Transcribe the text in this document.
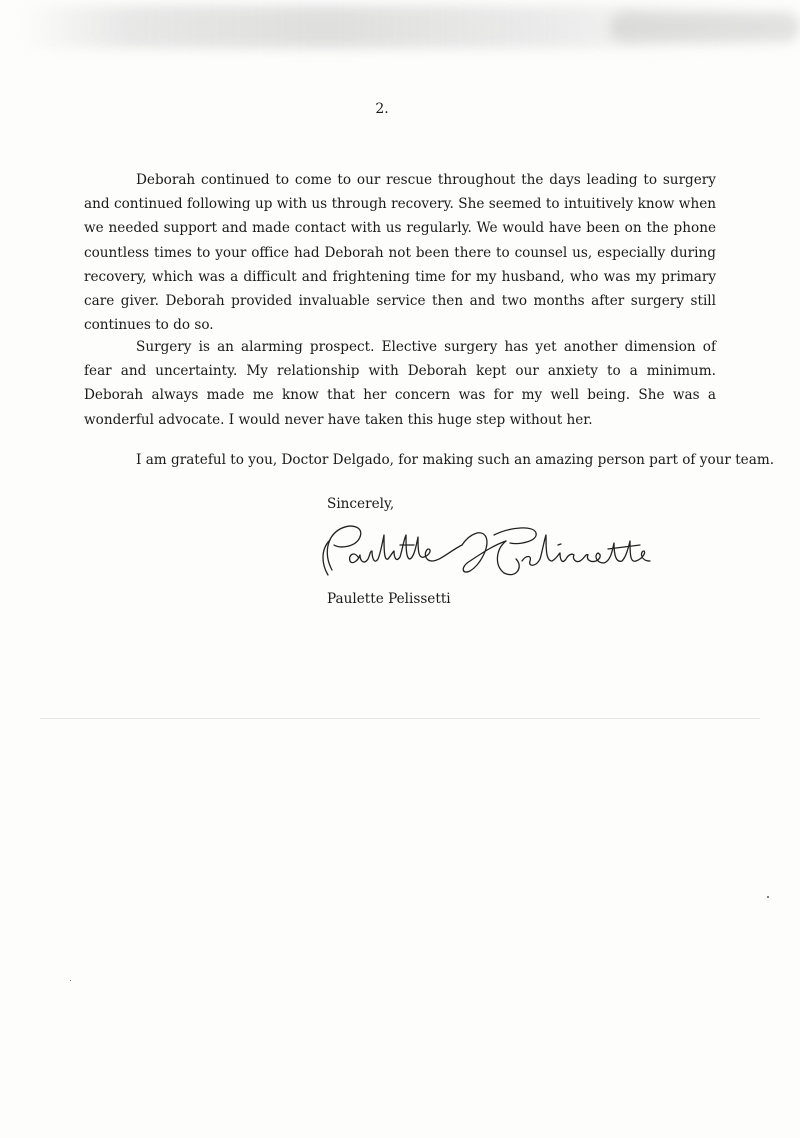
2.
Deborah continued to come to our rescue throughout the days leading to surgery and continued following up with us through recovery. She seemed to intuitively know when we needed support and made contact with us regularly. We would have been on the phone countless times to your office had Deborah not been there to counsel us, especially during recovery, which was a difficult and frightening time for my husband, who was my primary care giver. Deborah provided invaluable service then and two months after surgery still continues to do so.
Surgery is an alarming prospect. Elective surgery has yet another dimension of fear and uncertainty. My relationship with Deborah kept our anxiety to a minimum. Deborah always made me know that her concern was for my well being. She was a wonderful advocate. I would never have taken this huge step without her.
I am grateful to you, Doctor Delgado, for making such an amazing person part of your team.
Sincerely,
Paulette Pelissetti
